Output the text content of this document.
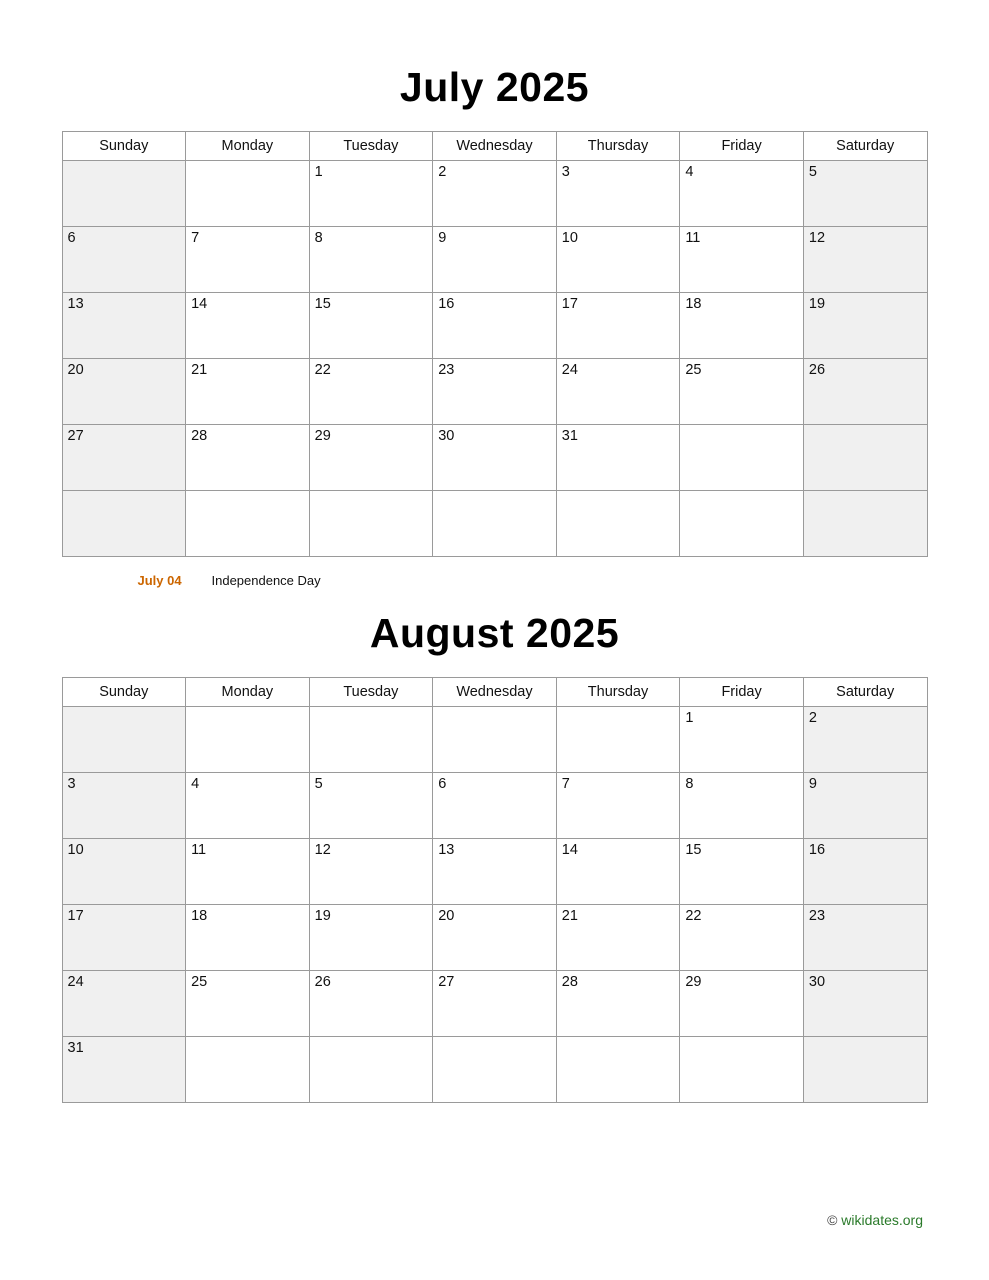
July 2025
Sunday	Monday	Tuesday	Wednesday	Thursday	Friday	Saturday
		1	2	3	4	5
6	7	8	9	10	11	12
13	14	15	16	17	18	19
20	21	22	23	24	25	26
27	28	29	30	31		

July 04	Independence Day
August 2025
Sunday	Monday	Tuesday	Wednesday	Thursday	Friday	Saturday
					1	2
3	4	5	6	7	8	9
10	11	12	13	14	15	16
17	18	19	20	21	22	23
24	25	26	27	28	29	30
31						
© wikidates.org
